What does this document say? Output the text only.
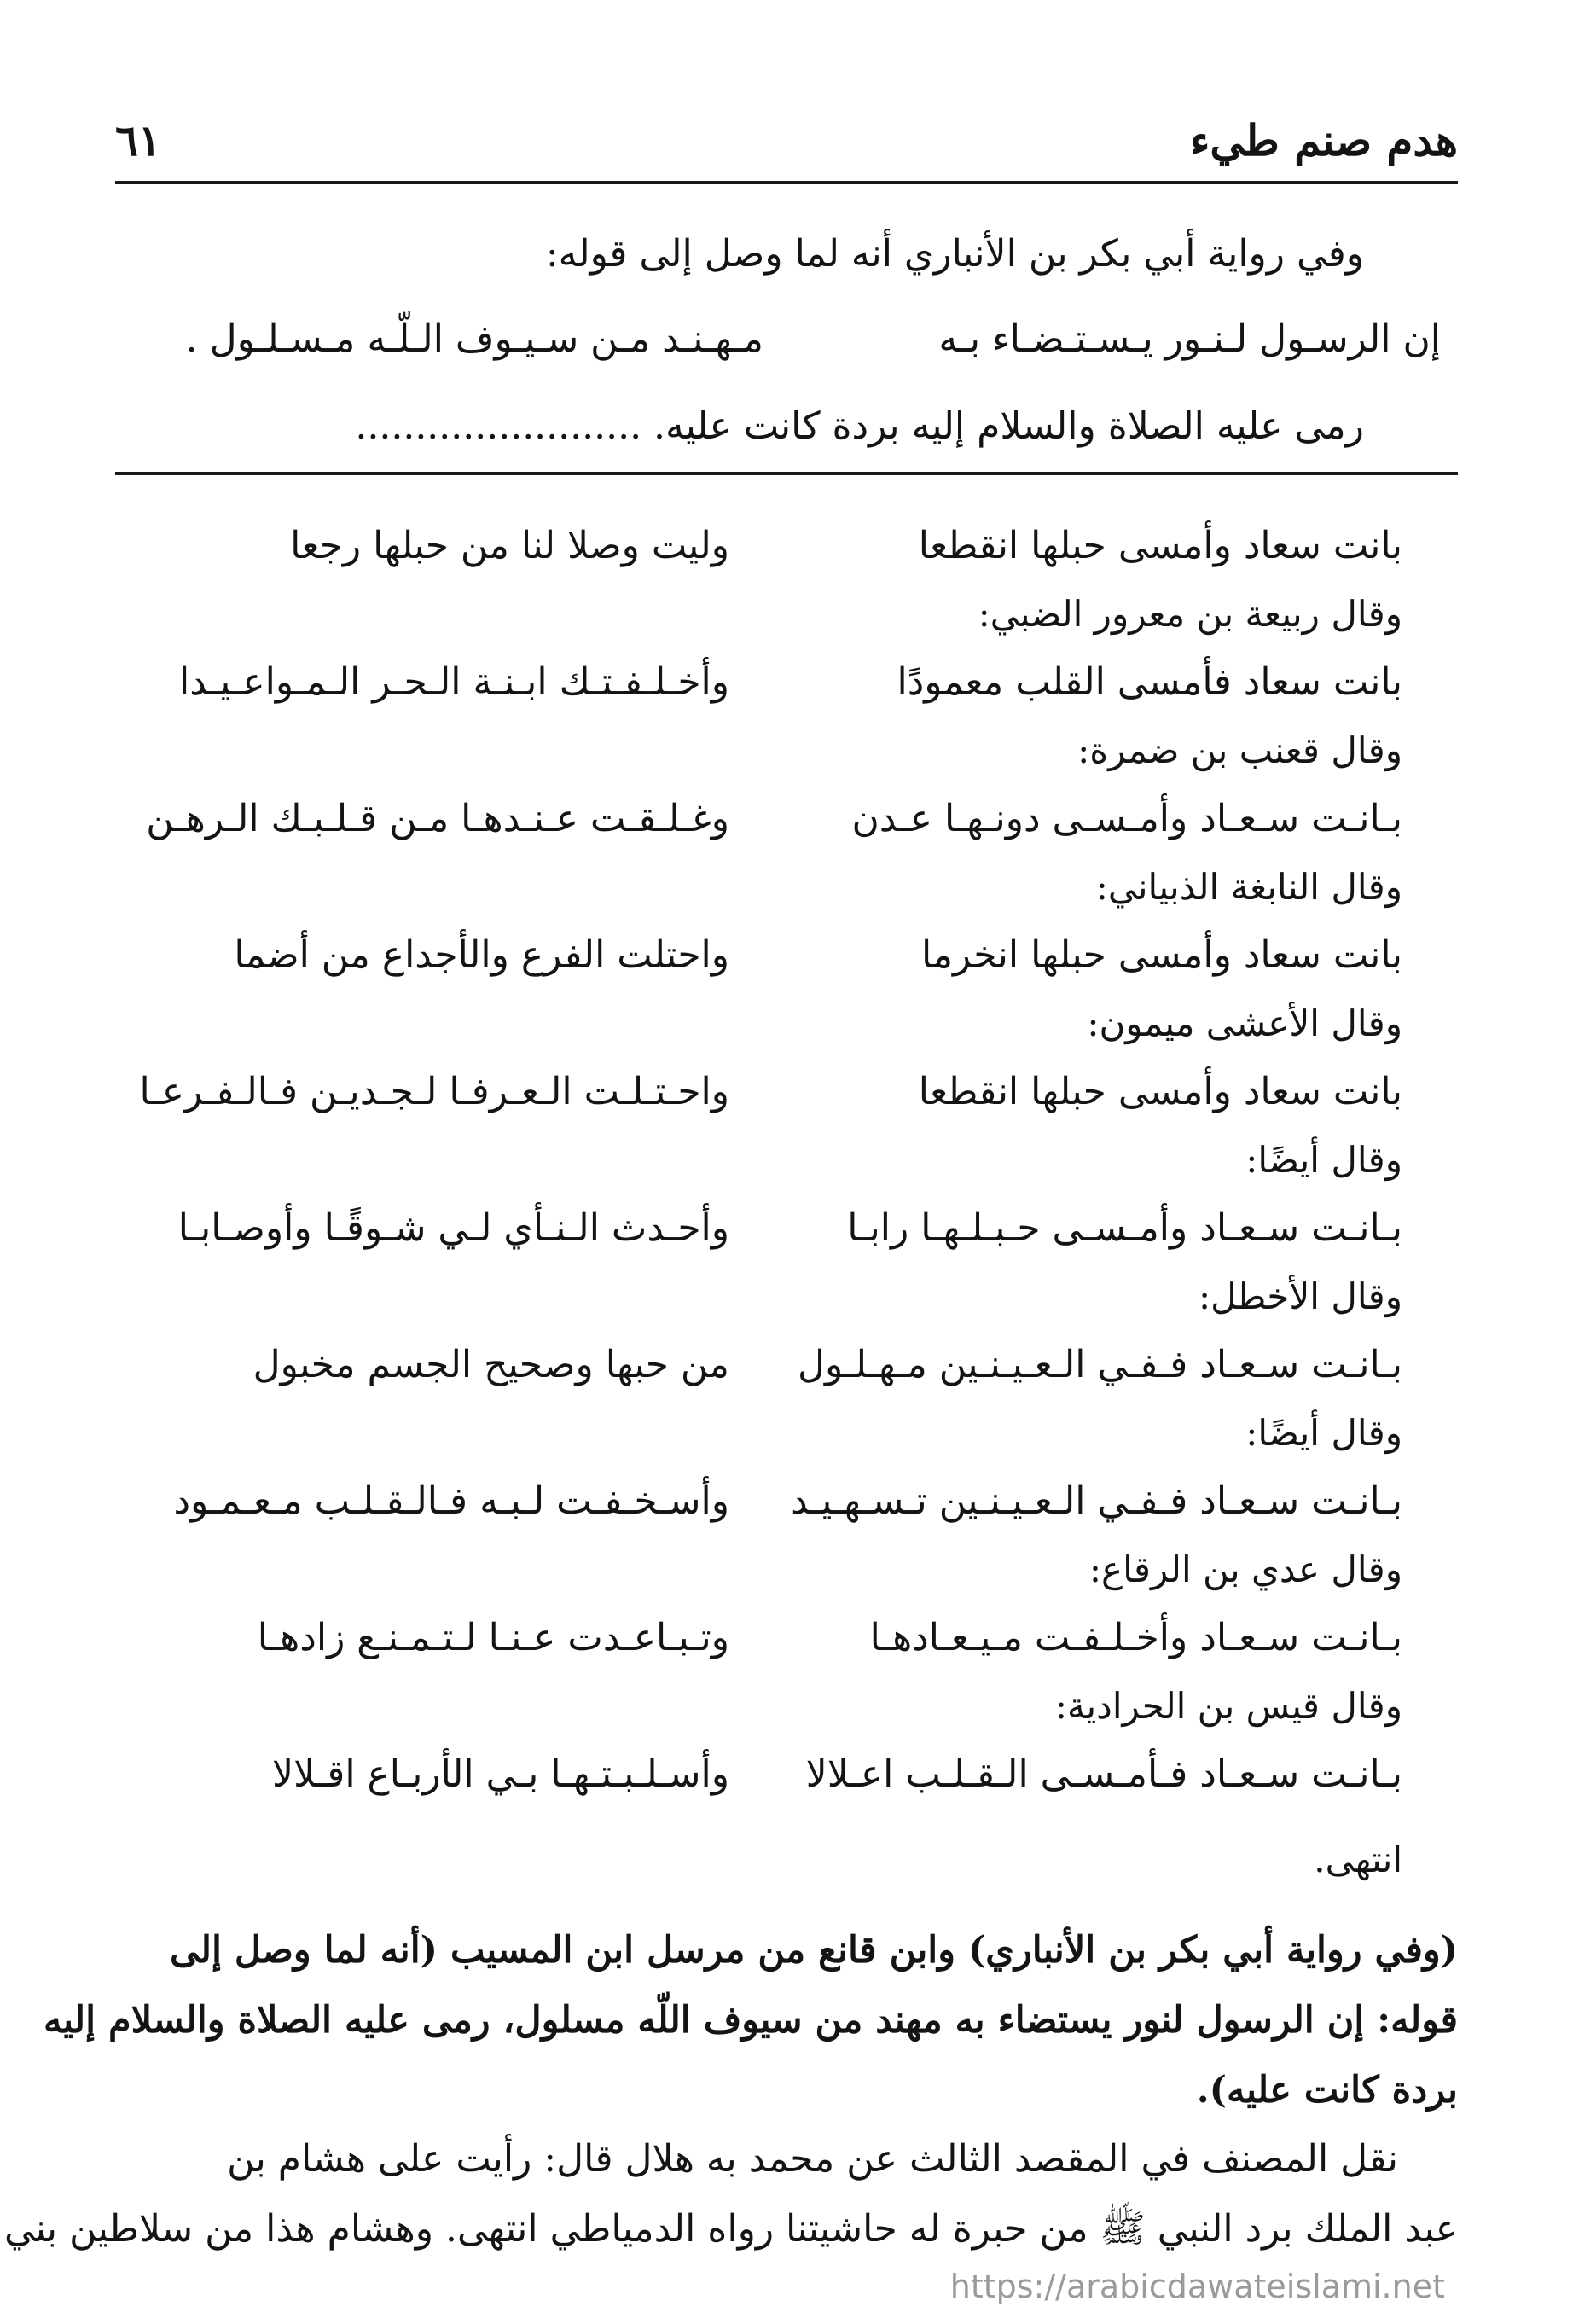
هدم صنم طيء
٦١
وفي رواية أبي بكر بن الأنباري أنه لما وصل إلى قوله:
إن الرسـول لـنـور يـسـتـضـاء بـه
مـهـنـد مـن سـيـوف الـلّـه مـسـلـول .
رمى عليه الصلاة والسلام إليه بردة كانت عليه. ........................
بانت سعاد وأمسى حبلها انقطعا
وليت وصلا لنا من حبلها رجعا
وقال ربيعة بن معرور الضبي:
بانت سعاد فأمسى القلب معمودًا
وأخـلـفـتـك ابـنـة الـحـر الـمـواعـيـدا
وقال قعنب بن ضمرة:
بـانـت سـعـاد وأمـسـى دونـهـا عـدن
وغـلـقـت عـنـدهـا مـن قـلـبـك الـرهـن
وقال النابغة الذبياني:
بانت سعاد وأمسى حبلها انخرما
واحتلت الفرع والأجداع من أضما
وقال الأعشى ميمون:
بانت سعاد وأمسى حبلها انقطعا
واحـتـلـت الـعـرفـا لـجـديـن فـالـفـرعـا
وقال أيضًا:
بـانـت سـعـاد وأمـسـى حـبـلـهـا رابـا
وأحـدث الـنـأي لـي شـوقًـا وأوصـابـا
وقال الأخطل:
بـانـت سـعـاد فـفـي الـعـيـنـين مـهـلـول
من حبها وصحيح الجسم مخبول
وقال أيضًا:
بـانـت سـعـاد فـفـي الـعـيـنـين تـسـهـيـد
وأسـخـفـت لـبـه فـالـقـلـب مـعـمـود
وقال عدي بن الرقاع:
بـانـت سـعـاد وأخـلـفـت مـيـعـادهـا
وتـبـاعـدت عـنـا لـتـمـنـع زادهـا
وقال قيس بن الحرادية:
بـانـت سـعـاد فـأمـسـى الـقـلـب اعـلالا
وأسـلـبـتـهـا بـي الأربـاع اقـلالا
انتهى.
(وفي رواية أبي بكر بن الأنباري) وابن قانع من مرسل ابن المسيب (أنه لما وصل إلى
قوله: إن الرسول لنور يستضاء به مهند من سيوف اللّه مسلول، رمى عليه الصلاة والسلام إليه
بردة كانت عليه).
نقل المصنف في المقصد الثالث عن محمد به هلال قال: رأيت على هشام بن
عبد الملك برد النبي ﷺ من حبرة له حاشيتنا رواه الدمياطي انتهى. وهشام هذا من سلاطين بني
https://arabicdawateislami.net
